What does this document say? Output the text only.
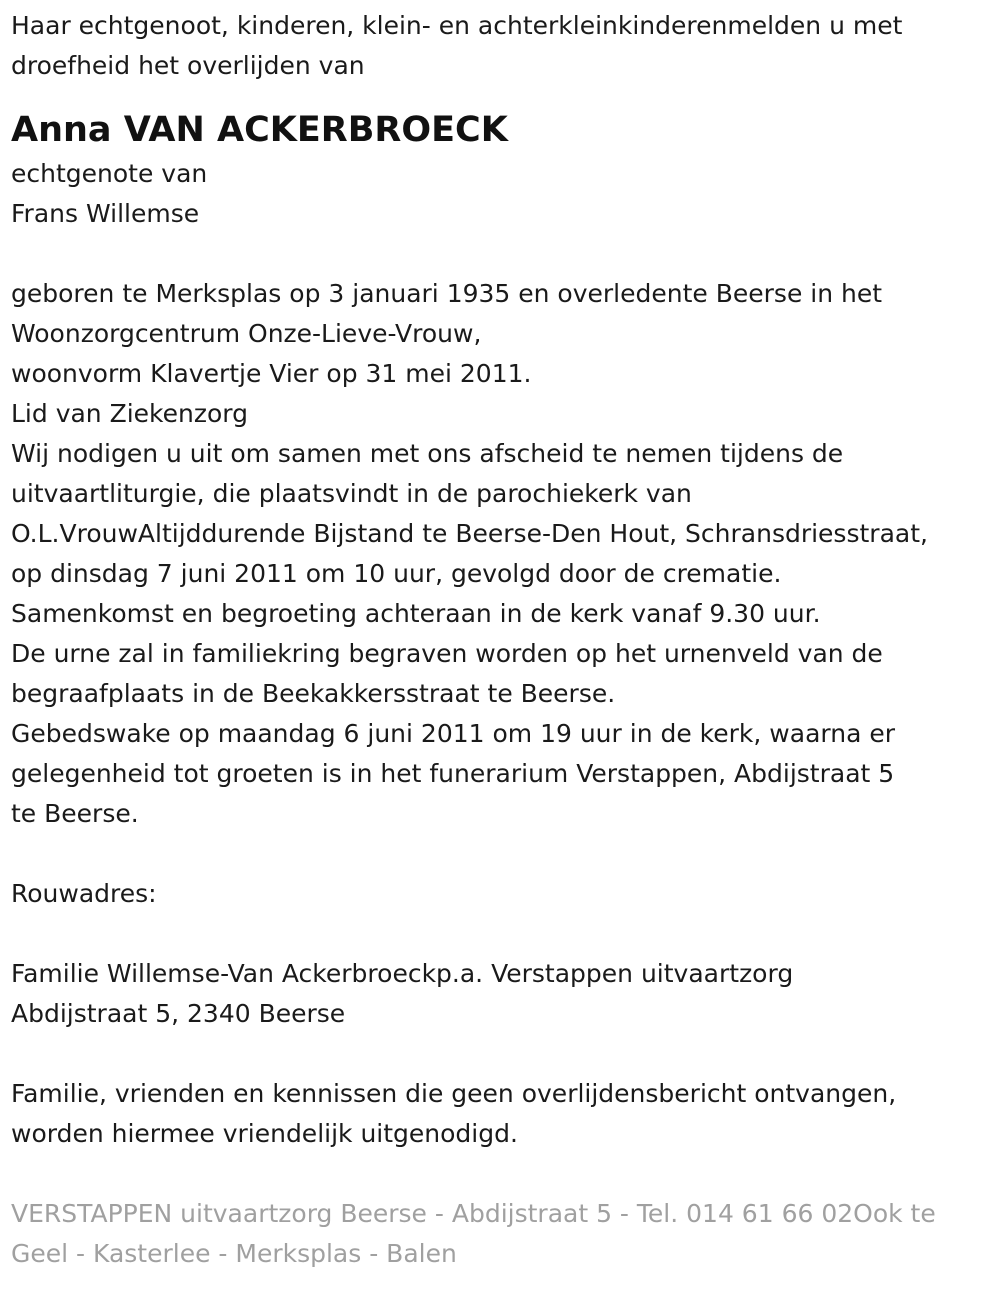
Haar echtgenoot, kinderen, klein- en achterkleinkinderenmelden u met
droefheid het overlijden van
Anna VAN ACKERBROECK
echtgenote van
Frans Willemse
geboren te Merksplas op 3 januari 1935 en overledente Beerse in het
Woonzorgcentrum Onze-Lieve-Vrouw,
woonvorm Klavertje Vier op 31 mei 2011.
Lid van Ziekenzorg
Wij nodigen u uit om samen met ons afscheid te nemen tijdens de
uitvaartliturgie, die plaatsvindt in de parochiekerk van
O.L.VrouwAltijddurende Bijstand te Beerse-Den Hout, Schransdriesstraat,
op dinsdag 7 juni 2011 om 10 uur, gevolgd door de crematie.
Samenkomst en begroeting achteraan in de kerk vanaf 9.30 uur.
De urne zal in familiekring begraven worden op het urnenveld van de
begraafplaats in de Beekakkersstraat te Beerse.
Gebedswake op maandag 6 juni 2011 om 19 uur in de kerk, waarna er
gelegenheid tot groeten is in het funerarium Verstappen, Abdijstraat 5
te Beerse.
Rouwadres:
Familie Willemse-Van Ackerbroeckp.a. Verstappen uitvaartzorg
Abdijstraat 5, 2340 Beerse
Familie, vrienden en kennissen die geen overlijdensbericht ontvangen,
worden hiermee vriendelijk uitgenodigd.
VERSTAPPEN uitvaartzorg Beerse - Abdijstraat 5 - Tel. 014 61 66 02Ook te
Geel - Kasterlee - Merksplas - Balen
